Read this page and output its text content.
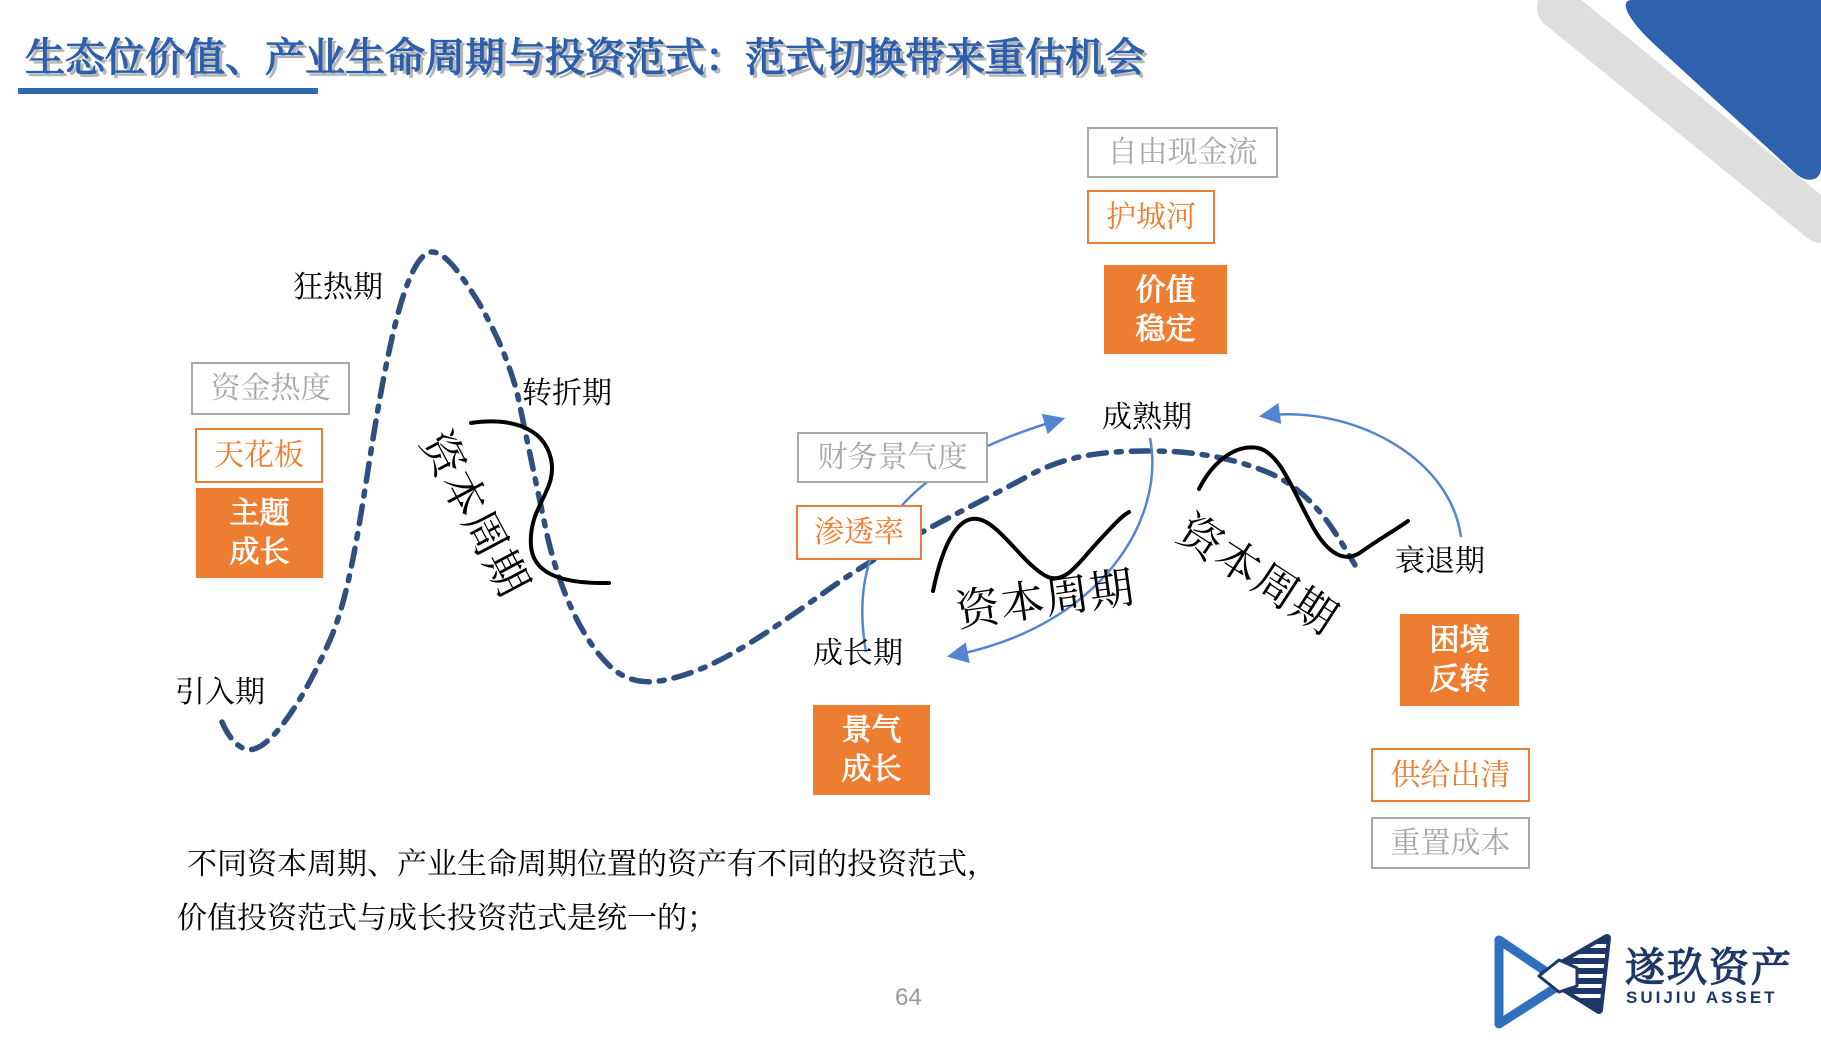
生态位价值、产业生命周期与投资范式：范式切换带来重估机会
引入期
狂热期
转折期
成长期
成熟期
衰退期
资本周期	资本周期 资本周期
资金热度
天花板
主题
成长
财务景气度
渗透率
景气
成长
自由现金流
护城河
价值
稳定
困境
反转
供给出清
重置成本
不同资本周期、产业生命周期位置的资产有不同的投资范式，
价值投资范式与成长投资范式是统一的；
64
遂玖资产
SUIJIU ASSET
